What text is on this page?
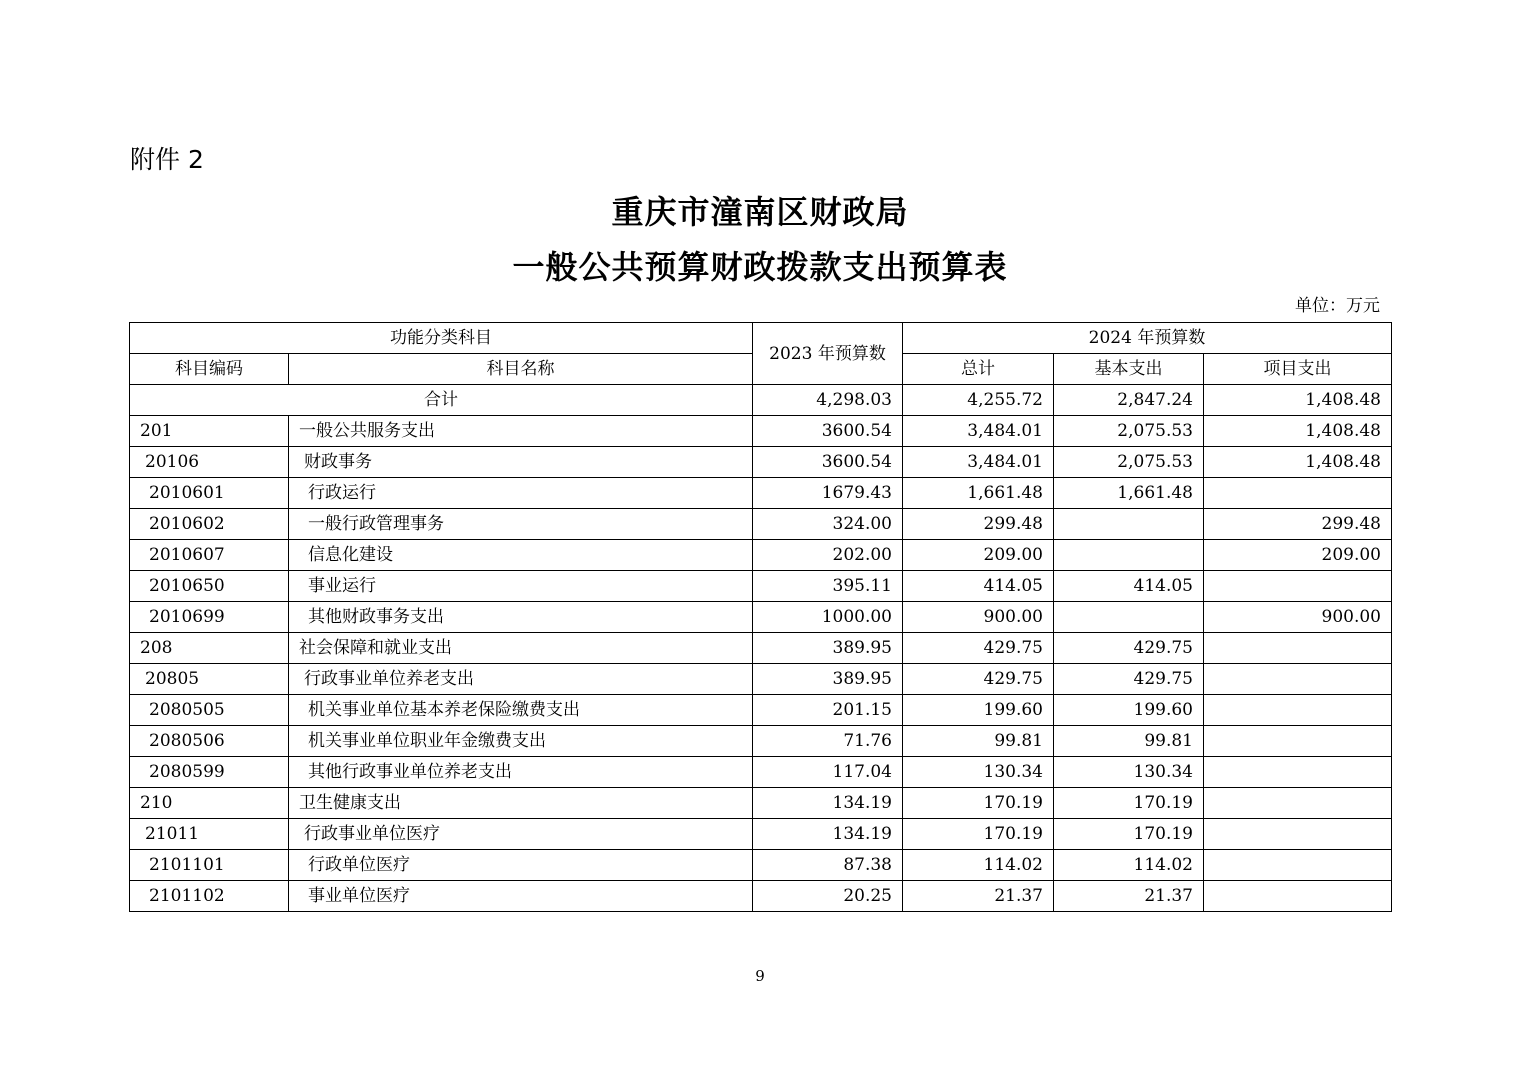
附件 2
重庆市潼南区财政局
一般公共预算财政拨款支出预算表
单位：万元
功能分类科目		2023 年预算数	2024 年预算数		
科目编码	科目名称		总计	基本支出	项目支出
合计		4,298.03	4,255.72	2,847.24	1,408.48
201	一般公共服务支出	3600.54	3,484.01	2,075.53	1,408.48
20106	财政事务	3600.54	3,484.01	2,075.53	1,408.48
2010601	行政运行	1679.43	1,661.48	1,661.48	
2010602	一般行政管理事务	324.00	299.48		299.48
2010607	信息化建设	202.00	209.00		209.00
2010650	事业运行	395.11	414.05	414.05	
2010699	其他财政事务支出	1000.00	900.00		900.00
208	社会保障和就业支出	389.95	429.75	429.75	
20805	行政事业单位养老支出	389.95	429.75	429.75	
2080505	机关事业单位基本养老保险缴费支出	201.15	199.60	199.60	
2080506	机关事业单位职业年金缴费支出	71.76	99.81	99.81	
2080599	其他行政事业单位养老支出	117.04	130.34	130.34	
210	卫生健康支出	134.19	170.19	170.19	
21011	行政事业单位医疗	134.19	170.19	170.19	
2101101	行政单位医疗	87.38	114.02	114.02	
2101102	事业单位医疗	20.25	21.37	21.37	
9
